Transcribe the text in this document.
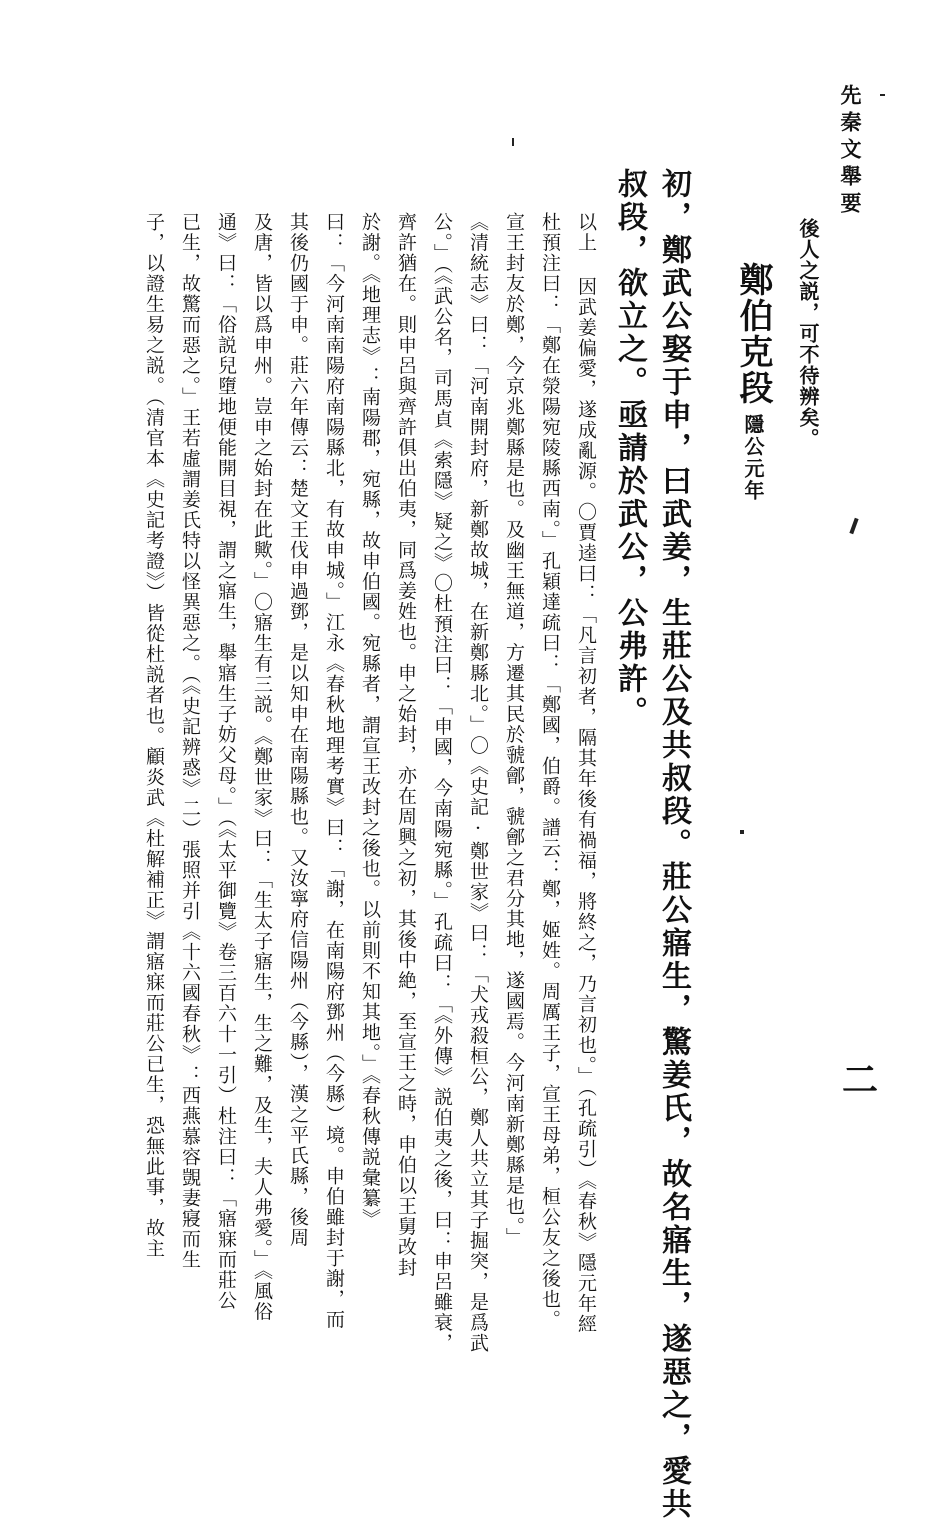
先秦文舉要
二
後人之説，可不待辨矣。
鄭伯克段隱公元年
初，鄭武公娶于申，曰武姜，生莊公及共叔段。莊公寤生，驚姜氏，故名寤生，遂惡之，愛共
叔段，欲立之。亟請於武公，公弗許。
以上 因武姜偏愛，遂成亂源。〇賈逵曰：「凡言初者，隔其年後有禍福，將終之，乃言初也。」（孔疏引）《春秋》隱元年經
杜預注曰：「鄭在滎陽宛陵縣西南。」孔穎達疏曰：「鄭國，伯爵。譜云：鄭，姬姓。周厲王子，宣王母弟，桓公友之後也。
宣王封友於鄭，今京兆鄭縣是也。及幽王無道，方遷其民於虢鄶，虢鄶之君分其地，遂國焉。今河南新鄭縣是也。」
《清統志》曰：「河南開封府，新鄭故城，在新鄭縣北。」〇《史記·鄭世家》曰：「犬戎殺桓公，鄭人共立其子掘突，是爲武
公。」（《武公名，司馬貞《索隱》疑之》〇杜預注曰：「申國，今南陽宛縣。」孔疏曰：「《外傳》説伯夷之後，曰：申呂雖衰，
齊許猶在。則申呂與齊許俱出伯夷，同爲姜姓也。申之始封，亦在周興之初，其後中絶，至宣王之時，申伯以王舅改封
於謝。《地理志》：南陽郡，宛縣，故申伯國。宛縣者，謂宣王改封之後也。以前則不知其地。」《春秋傳説彙纂》
曰：「今河南南陽府南陽縣北，有故申城。」江永《春秋地理考實》曰：「謝，在南陽府鄧州（今縣）境。申伯雖封于謝，而
其後仍國于申。莊六年傳云：楚文王伐申過鄧，是以知申在南陽縣也。又汝寧府信陽州（今縣），漢之平氏縣，後周
及唐，皆以爲申州。豈申之始封在此歟。」〇寤生有三説。《鄭世家》曰：「生太子寤生，生之難，及生，夫人弗愛。」《風俗
通》曰：「俗説兒墮地便能開目視，謂之寤生，舉寤生子妨父母。」（《太平御覽》卷三百六十一引）杜注曰：「寤寐而莊公
已生，故驚而惡之。」王若虛謂姜氏特以怪異惡之。（《史記辨惑》二）張照并引《十六國春秋》：西燕慕容覬妻寢而生
子，以證生易之説。（清官本《史記考證》）皆從杜説者也。顧炎武《杜解補正》謂寤寐而莊公已生，恐無此事，故主
